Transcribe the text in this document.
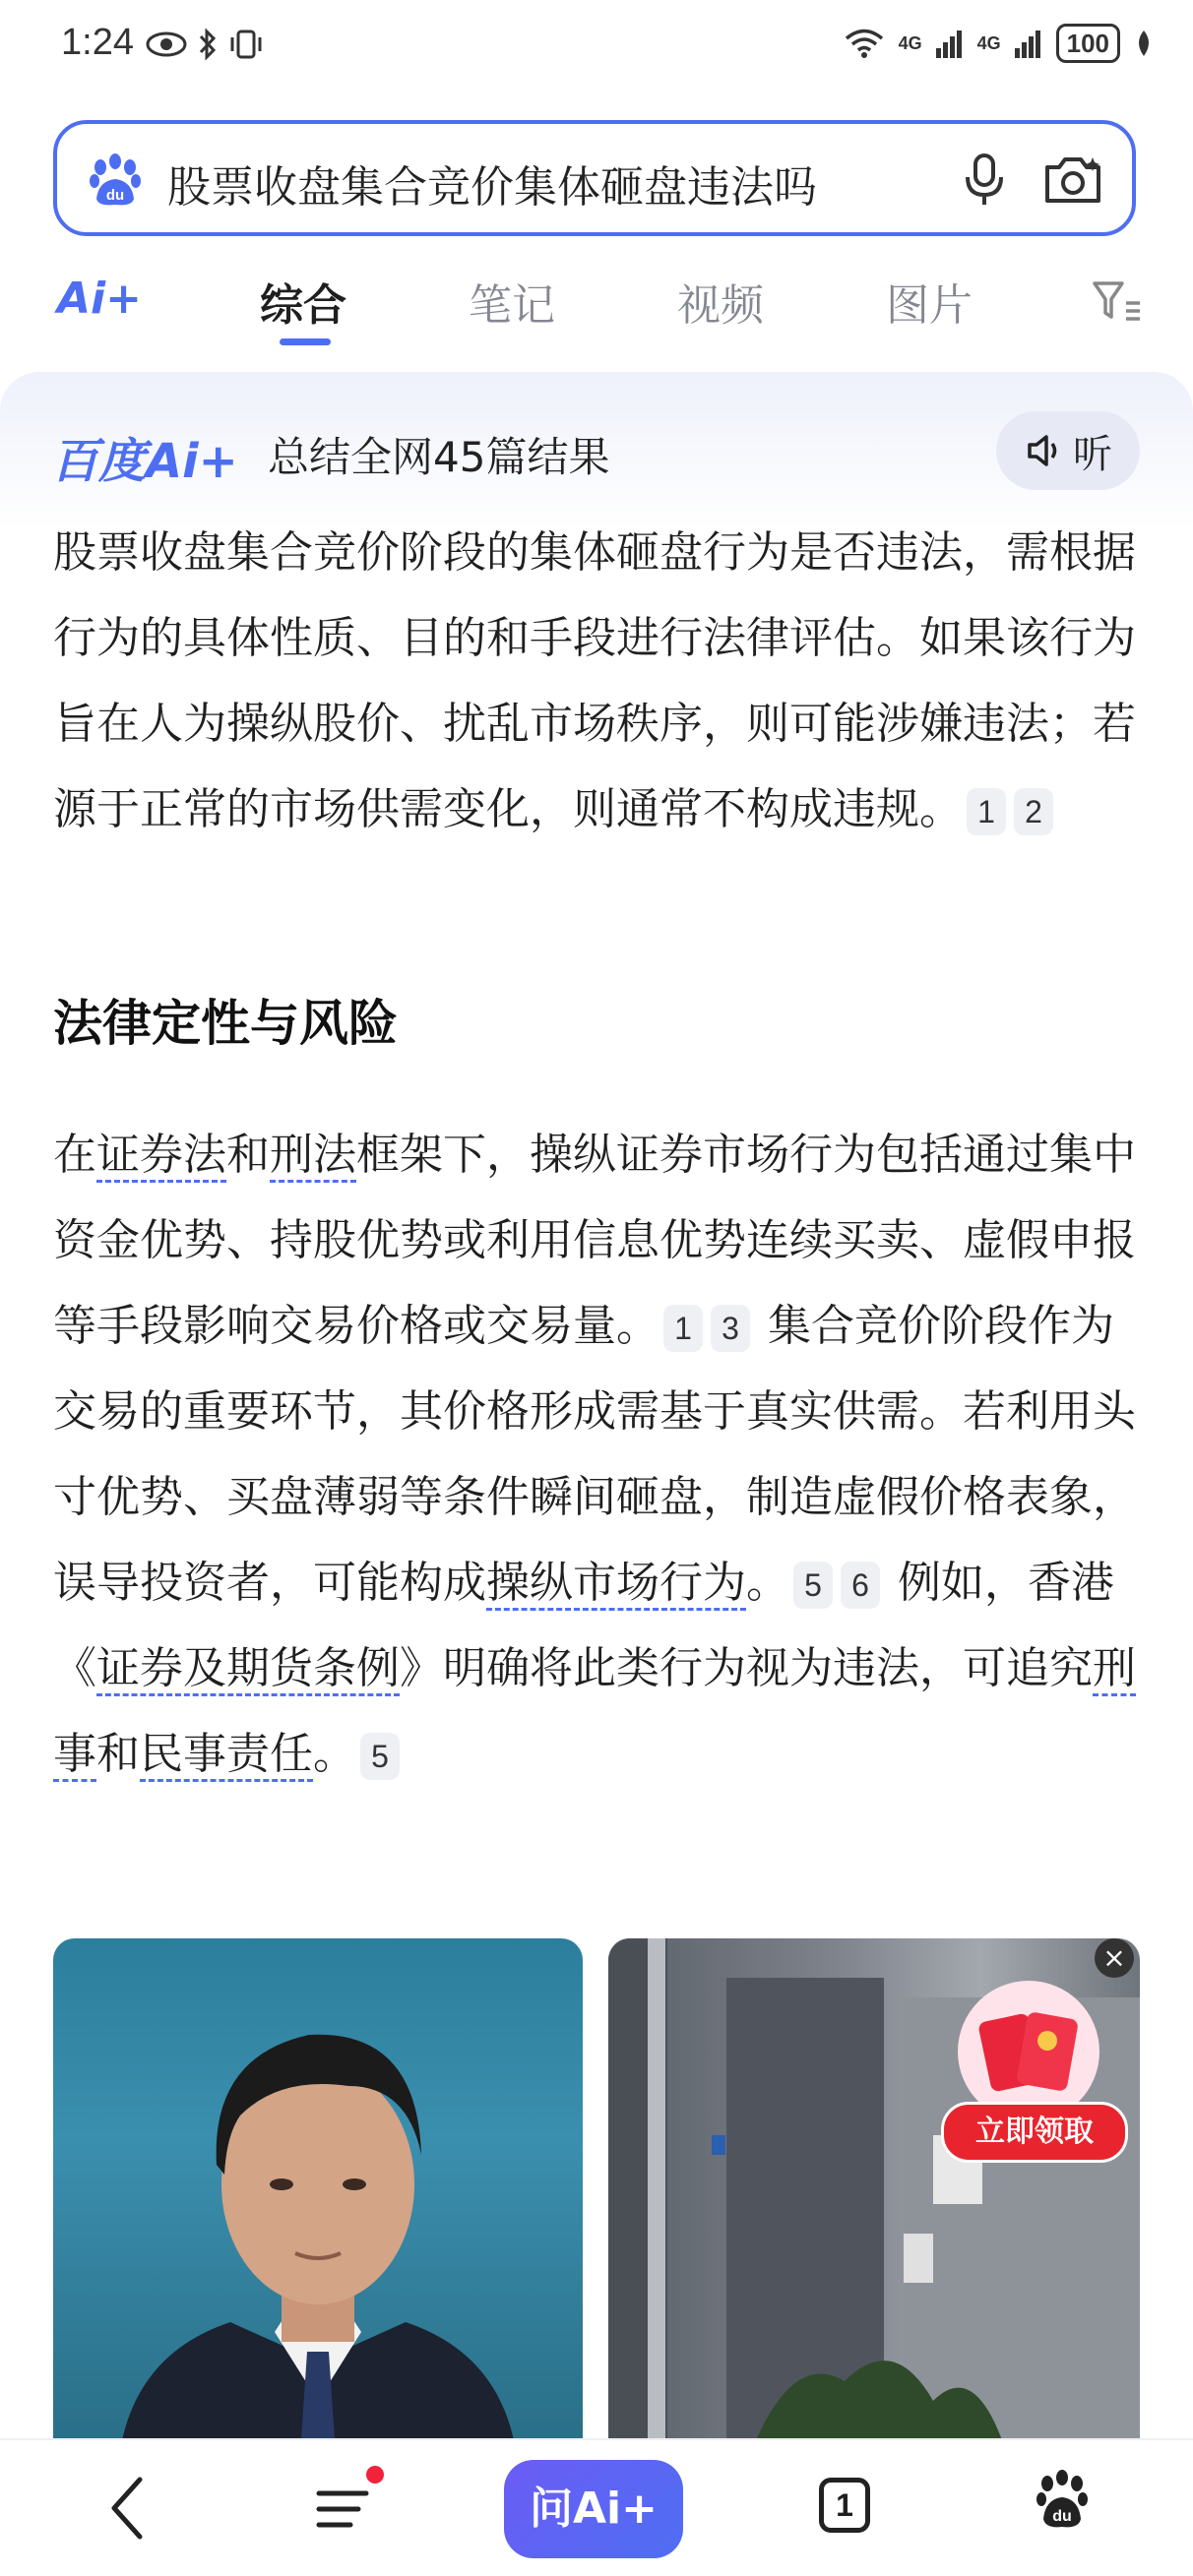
1:24	4G	4G	100
du 股票收盘集合竞价集体砸盘违法吗
Ai+	综合	笔记	视频	图片
百度Ai+ 总结全网45篇结果	听
股票收盘集合竞价阶段的集体砸盘行为是否违法，需根据行为的具体性质、目的和手段进行法律评估。如果该行为旨在人为操纵股价、扰乱市场秩序，则可能涉嫌违法；若源于正常的市场供需变化，则通常不构成违规。 1 2
法律定性与风险
在证券法和刑法框架下，操纵证券市场行为包括通过集中资金优势、持股优势或利用信息优势连续买卖、虚假申报等手段影响交易价格或交易量。 1 3 集合竞价阶段作为交易的重要环节，其价格形成需基于真实供需。若利用头寸优势、买盘薄弱等条件瞬间砸盘，制造虚假价格表象，误导投资者，可能构成操纵市场行为。 5 6 例如，香港《证券及期货条例》明确将此类行为视为违法，可追究刑事和民事责任。 5
×
立即领取
问Ai+	1	du
